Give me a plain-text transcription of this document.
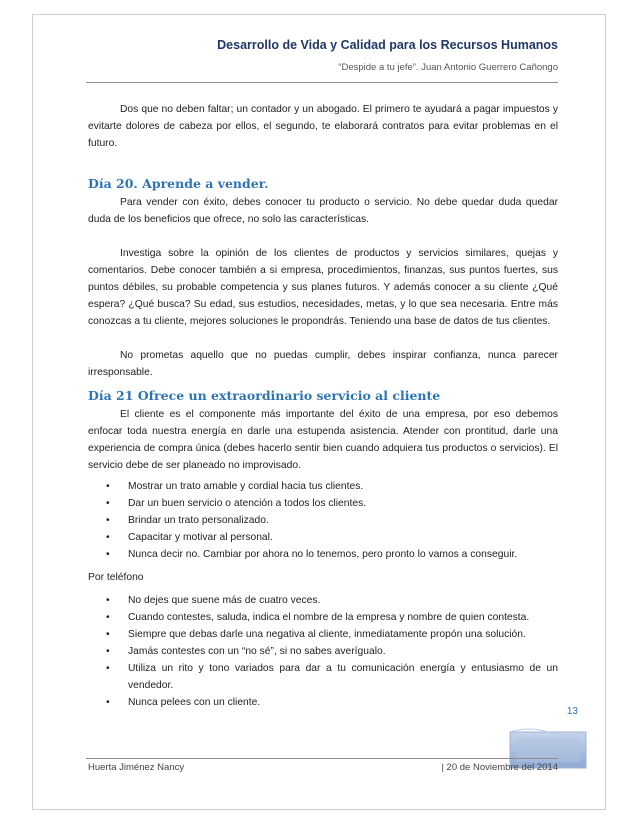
Desarrollo de Vida y Calidad para los Recursos Humanos
“Despide a tu jefe”. Juan Antonio Guerrero Cañongo

Dos que no deben faltar; un contador y un abogado. El primero te ayudará a pagar impuestos y evitarte dolores de cabeza por ellos, el segundo, te elaborará contratos para evitar problemas en el futuro.

Día 20. Aprende a vender.

Para vender con éxito, debes conocer tu producto o servicio. No debe quedar duda quedar duda de los beneficios que ofrece, no solo las características.

Investiga sobre la opinión de los clientes de productos y servicios similares, quejas y comentarios. Debe conocer también a si empresa, procedimientos, finanzas, sus puntos fuertes, sus puntos débiles, su probable competencia y sus planes futuros. Y además conocer a su cliente ¿Qué espera? ¿Qué busca? Su edad, sus estudios, necesidades, metas, y lo que sea necesaria. Entre más conozcas a tu cliente, mejores soluciones le propondrás. Teniendo una base de datos de tus clientes.

No prometas aquello que no puedas cumplir, debes inspirar confianza, nunca parecer irresponsable.

Día 21 Ofrece un extraordinario servicio al cliente

El cliente es el componente más importante del éxito de una empresa, por eso debemos enfocar toda nuestra energía en darle una estupenda asistencia. Atender con prontitud, darle una experiencia de compra única (debes hacerlo sentir bien cuando adquiera tus productos o servicios). El servicio debe de ser planeado no improvisado.

• Mostrar un trato amable y cordial hacia tus clientes.
• Dar un buen servicio o atención a todos los clientes.
• Brindar un trato personalizado.
• Capacitar y motivar al personal.
• Nunca decir no. Cambiar por ahora no lo tenemos, pero pronto lo vamos a conseguir.

Por teléfono

• No dejes que suene más de cuatro veces.
• Cuando contestes, saluda, indica el nombre de la empresa y nombre de quien contesta.
• Siempre que debas darle una negativa al cliente, inmediatamente propón una solución.
• Jamás contestes con un “no sé”, si no sabes averígualo.
• Utiliza un rito y tono variados para dar a tu comunicación energía y entusiasmo de un vendedor.
• Nunca pelees con un cliente.
13
Huerta Jiménez Nancy	| 20 de Noviembre del 2014
